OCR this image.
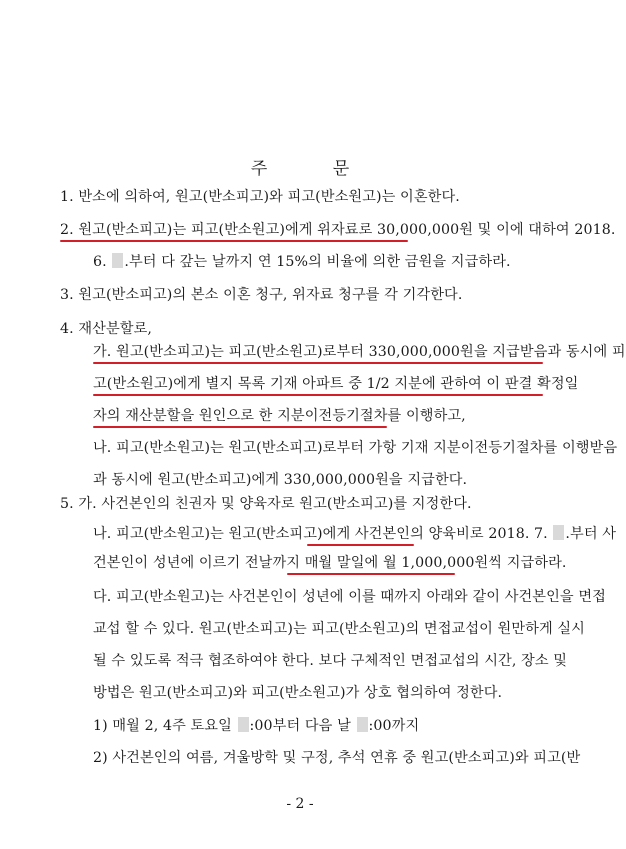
주 문
1. 반소에 의하여, 원고(반소피고)와 피고(반소원고)는 이혼한다.
2. 원고(반소피고)는 피고(반소원고)에게 위자료로 30,000,000원 및 이에 대하여 2018.
6. .부터 다 갚는 날까지 연 15%의 비율에 의한 금원을 지급하라.
3. 원고(반소피고)의 본소 이혼 청구, 위자료 청구를 각 기각한다.
4. 재산분할로,
가. 원고(반소피고)는 피고(반소원고)로부터 330,000,000원을 지급받음과 동시에 피
고(반소원고)에게 별지 목록 기재 아파트 중 1/2 지분에 관하여 이 판결 확정일
자의 재산분할을 원인으로 한 지분이전등기절차를 이행하고,
나. 피고(반소원고)는 원고(반소피고)로부터 가항 기재 지분이전등기절차를 이행받음
과 동시에 원고(반소피고)에게 330,000,000원을 지급한다.
5. 가. 사건본인의 친권자 및 양육자로 원고(반소피고)를 지정한다.
나. 피고(반소원고)는 원고(반소피고)에게 사건본인의 양육비로 2018. 7. .부터 사
건본인이 성년에 이르기 전날까지 매월 말일에 월 1,000,000원씩 지급하라.
다. 피고(반소원고)는 사건본인이 성년에 이를 때까지 아래와 같이 사건본인을 면접
교섭 할 수 있다. 원고(반소피고)는 피고(반소원고)의 면접교섭이 원만하게 실시
될 수 있도록 적극 협조하여야 한다. 보다 구체적인 면접교섭의 시간, 장소 및
방법은 원고(반소피고)와 피고(반소원고)가 상호 협의하여 정한다.
1) 매월 2, 4주 토요일 :00부터 다음 날 :00까지
2) 사건본인의 여름, 겨울방학 및 구정, 추석 연휴 중 원고(반소피고)와 피고(반
- 2 -
